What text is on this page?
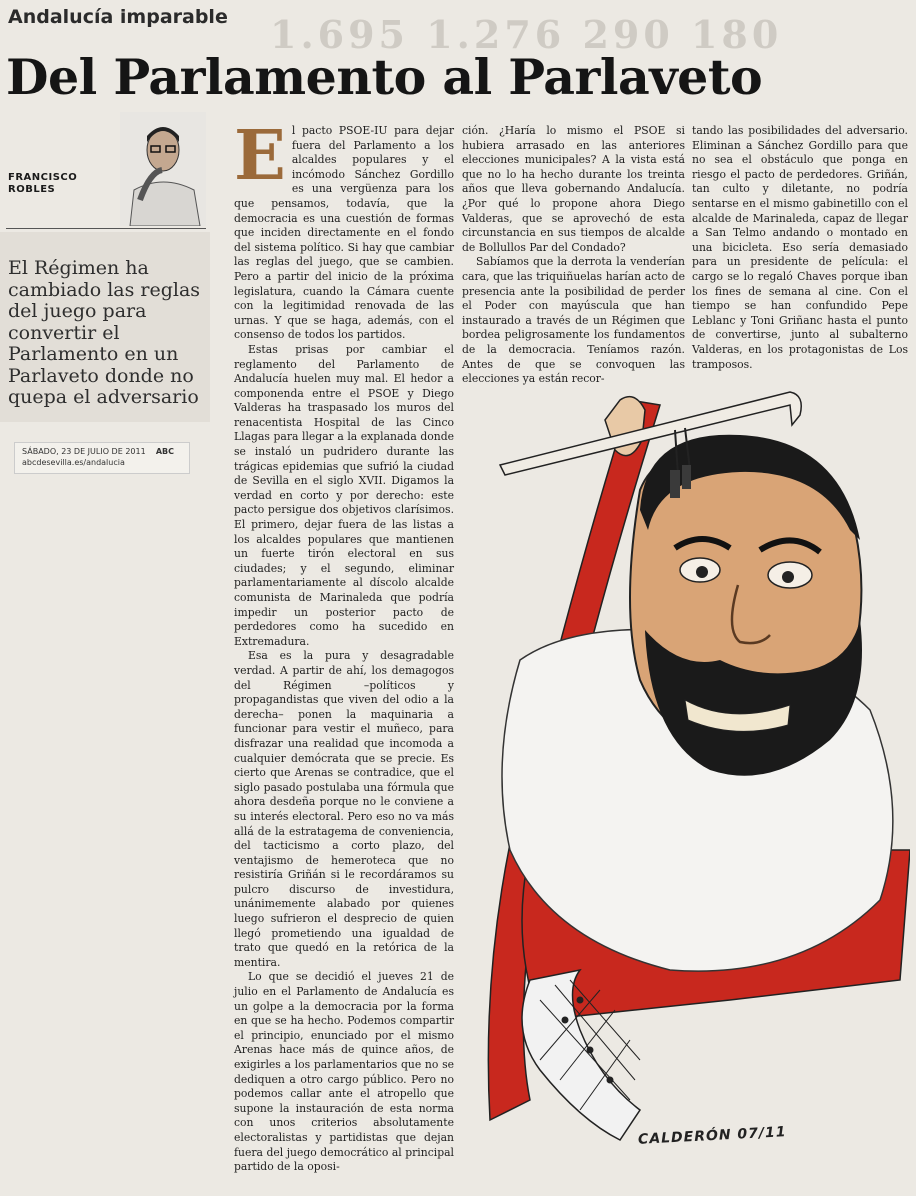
1.695 1.276 290 180
Andalucía imparable
Del Parlamento al Parlaveto
FRANCISCO
ROBLES
El Régimen ha cambiado las reglas del juego para convertir el Parlamento en un Parlaveto donde no quepa el adversario
SÁBADO, 23 DE JULIO DE 2011 ABC
abcdesevilla.es/andalucia

El pacto PSOE-IU para dejar fuera del Parlamento a los alcaldes populares y el incómodo Sánchez Gordillo es una vergüenza para los que pensamos, todavía, que la democracia es una cuestión de formas que inciden directamente en el fondo del sistema político. Si hay que cambiar las reglas del juego, que se cambien. Pero a partir del inicio de la próxima legislatura, cuando la Cámara cuente con la legitimidad renovada de las urnas. Y que se haga, además, con el consenso de todos los partidos.

Estas prisas por cambiar el reglamento del Parlamento de Andalucía huelen muy mal. El hedor a componenda entre el PSOE y Diego Valderas ha traspasado los muros del renacentista Hospital de las Cinco Llagas para llegar a la explanada donde se instaló un pudridero durante las trágicas epidemias que sufrió la ciudad de Sevilla en el siglo XVII. Digamos la verdad en corto y por derecho: este pacto persigue dos objetivos clarísimos. El primero, dejar fuera de las listas a los alcaldes populares que mantienen un fuerte tirón electoral en sus ciudades; y el segundo, eliminar parlamentariamente al díscolo alcalde comunista de Marinaleda que podría impedir un posterior pacto de perdedores como ha sucedido en Extremadura.

Esa es la pura y desagradable verdad. A partir de ahí, los demagogos del Régimen –políticos y propagandistas que viven del odio a la derecha– ponen la maquinaria a funcionar para vestir el muñeco, para disfrazar una realidad que incomoda a cualquier demócrata que se precie. Es cierto que Arenas se contradice, que el siglo pasado postulaba una fórmula que ahora desdeña porque no le conviene a su interés electoral. Pero eso no va más allá de la estratagema de conveniencia, del tacticismo a corto plazo, del ventajismo de hemeroteca que no resistiría Griñán si le recordáramos su pulcro discurso de investidura, unánimemente alabado por quienes luego sufrieron el desprecio de quien llegó prometiendo una igualdad de trato que quedó en la retórica de la mentira.

Lo que se decidió el jueves 21 de julio en el Parlamento de Andalucía es un golpe a la democracia por la forma en que se ha hecho. Podemos compartir el principio, enunciado por el mismo Arenas hace más de quince años, de exigirles a los parlamentarios que no se dediquen a otro cargo público. Pero no podemos callar ante el atropello que supone la instauración de esta norma con unos criterios absolutamente electoralistas y partidistas que dejan fuera del juego democrático al principal partido de la oposi-

ción. ¿Haría lo mismo el PSOE si hubiera arrasado en las anteriores elecciones municipales? A la vista está que no lo ha hecho durante los treinta años que lleva gobernando Andalucía. ¿Por qué lo propone ahora Diego Valderas, que se aprovechó de esta circunstancia en sus tiempos de alcalde de Bollullos Par del Condado?

Sabíamos que la derrota la venderían cara, que las triquiñuelas harían acto de presencia ante la posibilidad de perder el Poder con mayúscula que han instaurado a través de un Régimen que bordea peligrosamente los fundamentos de la democracia. Teníamos razón. Antes de que se convoquen las elecciones ya están recor-

tando las posibilidades del adversario. Eliminan a Sánchez Gordillo para que no sea el obstáculo que ponga en riesgo el pacto de perdedores. Griñán, tan culto y diletante, no podría sentarse en el mismo gabinetillo con el alcalde de Marinaleda, capaz de llegar a San Telmo andando o montado en una bicicleta. Eso sería demasiado para un presidente de película: el cargo se lo regaló Chaves porque iban los fines de semana al cine. Con el tiempo se han confundido Pepe Leblanc y Toni Griñanc hasta el punto de convertirse, junto al subalterno Valderas, en los protagonistas de Los tramposos.

CALDERÓN 07/11
